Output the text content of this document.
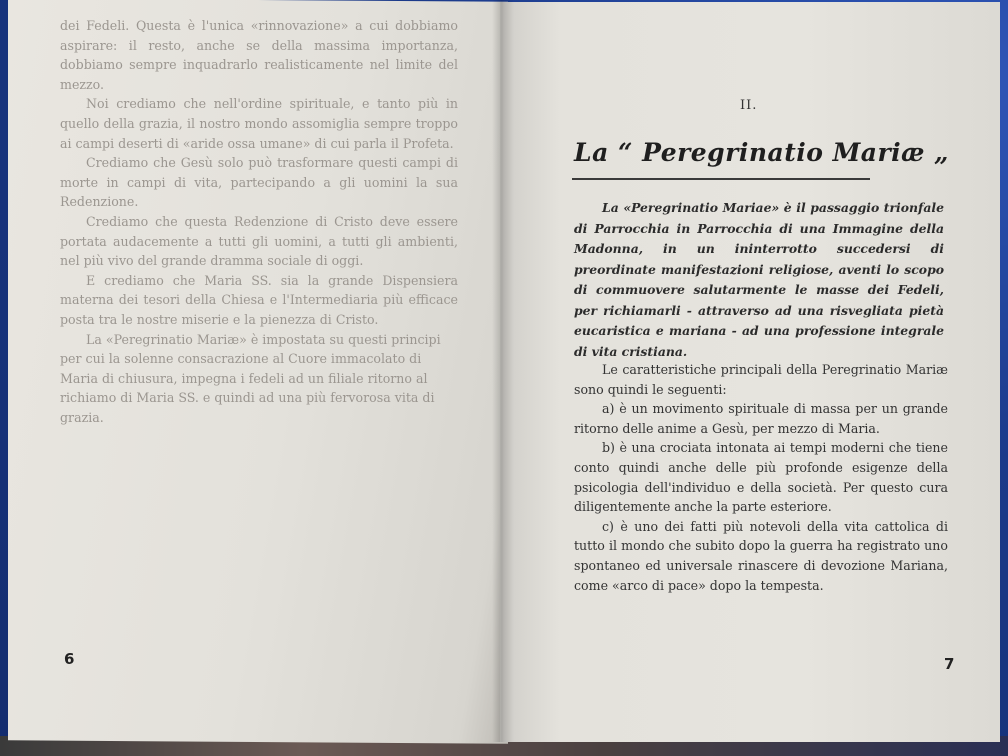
dei Fedeli. Questa è l'unica «rinnovazione» a cui dobbiamo aspirare: il resto, anche se della massima importanza, dobbiamo sempre inquadrarlo realisticamente nel limite del mezzo.

Noi crediamo che nell'ordine spirituale, e tanto più in quello della grazia, il nostro mondo assomiglia sempre troppo ai campi deserti di «aride ossa umane» di cui parla il Profeta.

Crediamo che Gesù solo può trasformare questi campi di morte in campi di vita, partecipando a gli uomini la sua Redenzione.

Crediamo che questa Redenzione di Cristo deve essere portata audacemente a tutti gli uomini, a tutti gli ambienti, nel più vivo del grande dramma sociale di oggi.

E crediamo che Maria SS. sia la grande Dispensiera materna dei tesori della Chiesa e l'Intermediaria più efficace posta tra le nostre miserie e la pienezza di Cristo.

La «Peregrinatio Mariæ» è impostata su questi principi per cui la solenne consacrazione al Cuore immacolato di Maria di chiusura, impegna i fedeli ad un filiale ritorno al richiamo di Maria SS. e quindi ad una più fervorosa vita di grazia.

6
II.
La “ Peregrinatio Mariæ „

La «Peregrinatio Mariae» è il passaggio trionfale di Parrocchia in Parrocchia di una Immagine della Madonna, in un ininterrotto succedersi di preordinate manifestazioni religiose, aventi lo scopo di commuovere salutarmente le masse dei Fedeli, per richiamarli - attraverso ad una risvegliata pietà eucaristica e mariana - ad una professione integrale di vita cristiana.

Le caratteristiche principali della Peregrinatio Mariæ sono quindi le seguenti:

a) è un movimento spirituale di massa per un grande ritorno delle anime a Gesù, per mezzo di Maria.

b) è una crociata intonata ai tempi moderni che tiene conto quindi anche delle più profonde esigenze della psicologia dell'individuo e della società. Per questo cura diligentemente anche la parte esteriore.

c) è uno dei fatti più notevoli della vita cattolica di tutto il mondo che subito dopo la guerra ha registrato uno spontaneo ed universale rinascere di devozione Mariana, come «arco di pace» dopo la tempesta.

7
